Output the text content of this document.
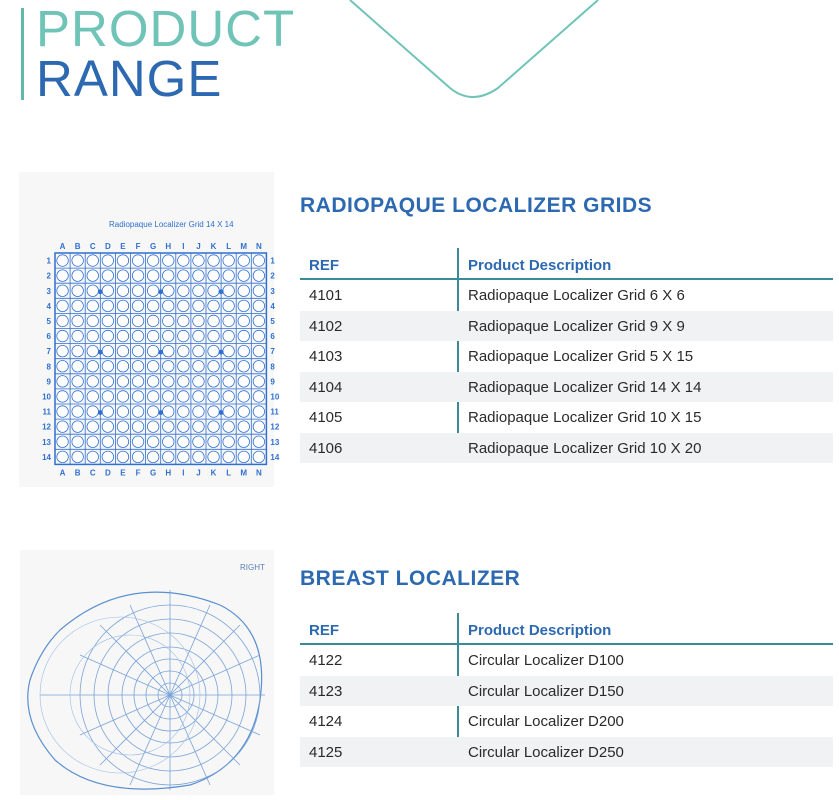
PRODUCT
RANGE
Radiopaque Localizer Grid 14 X 14
A
A
B
B
C
C
D
D
E
E
F
F
G
G
H
H
I
I
J
J
K
K
L
L
M
M
N
N
1	1
2	2
3	3
4	4
5	5
6	6
7	7
8	8
9	9
10	10
11	11
12	12
13	13
14	14
RADIOPAQUE LOCALIZER GRIDS
REF	Product Description
4101	Radiopaque Localizer Grid 6 X 6
4102	Radiopaque Localizer Grid 9 X 9
4103	Radiopaque Localizer Grid 5 X 15
4104	Radiopaque Localizer Grid 14 X 14
4105	Radiopaque Localizer Grid 10 X 15
4106	Radiopaque Localizer Grid 10 X 20
RIGHT BREAST LOCALIZER
REF	Product Description
4122	Circular Localizer D100
4123	Circular Localizer D150
4124	Circular Localizer D200
4125	Circular Localizer D250
